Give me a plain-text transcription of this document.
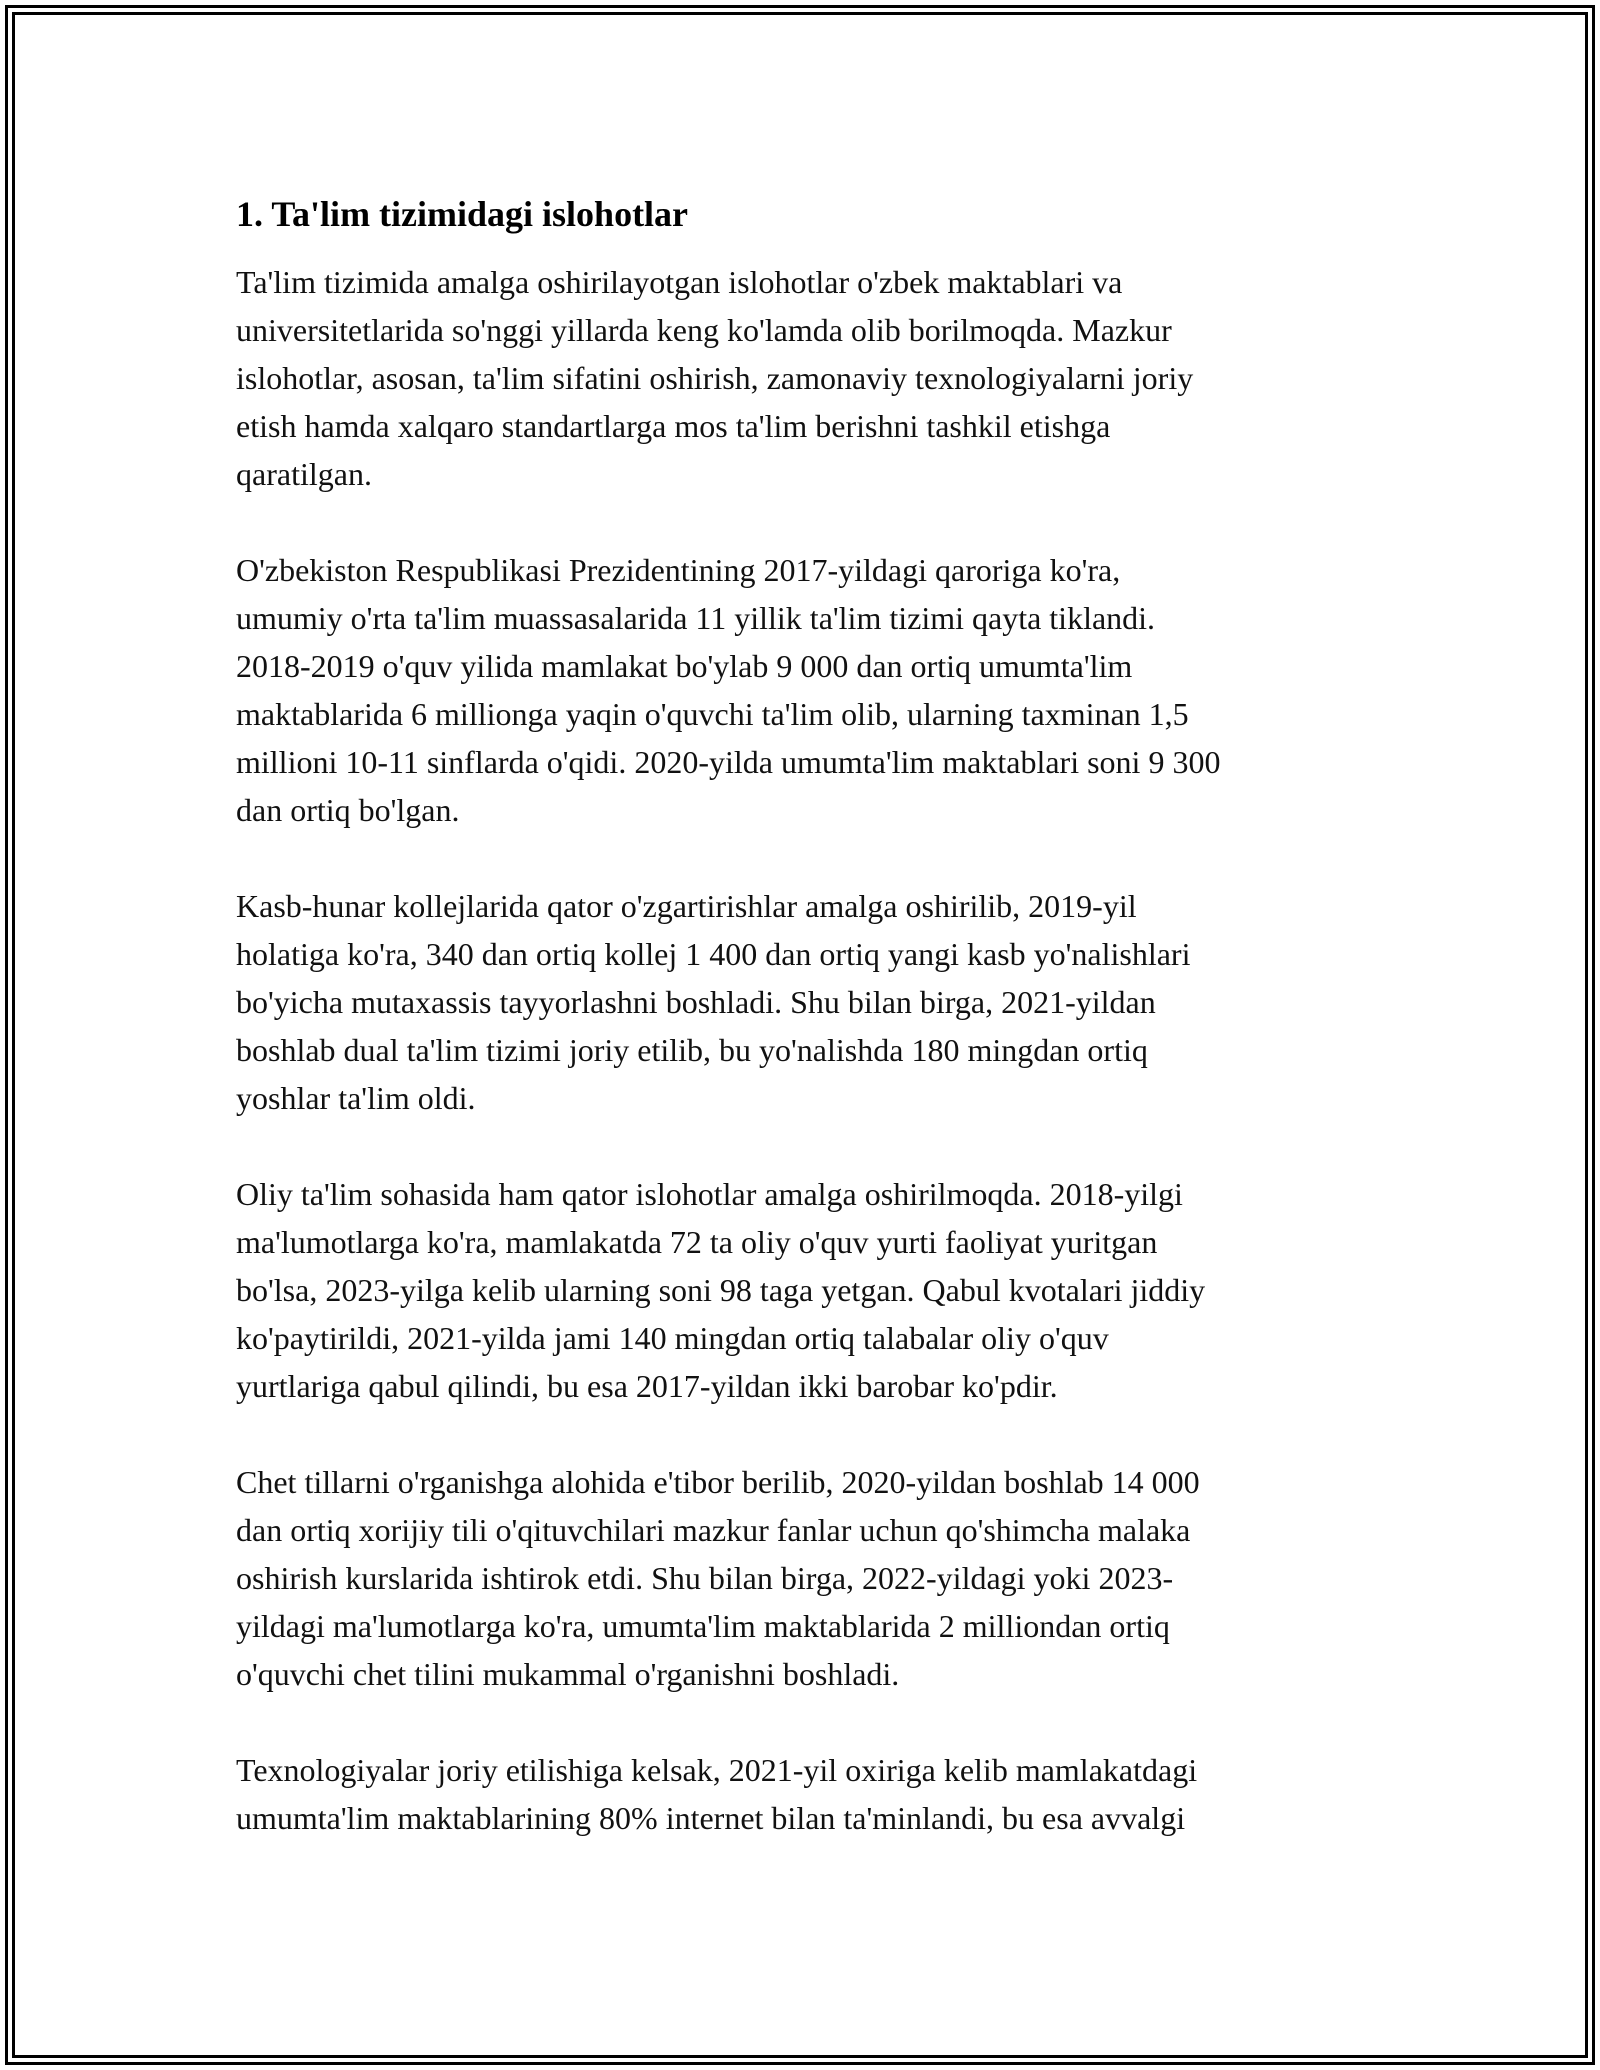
1. Ta'lim tizimidagi islohotlar

Ta'lim tizimida amalga oshirilayotgan islohotlar o'zbek maktablari va
universitetlarida so'nggi yillarda keng ko'lamda olib borilmoqda. Mazkur
islohotlar, asosan, ta'lim sifatini oshirish, zamonaviy texnologiyalarni joriy
etish hamda xalqaro standartlarga mos ta'lim berishni tashkil etishga
qaratilgan.

O'zbekiston Respublikasi Prezidentining 2017-yildagi qaroriga ko'ra,
umumiy o'rta ta'lim muassasalarida 11 yillik ta'lim tizimi qayta tiklandi.
2018-2019 o'quv yilida mamlakat bo'ylab 9 000 dan ortiq umumta'lim
maktablarida 6 millionga yaqin o'quvchi ta'lim olib, ularning taxminan 1,5
millioni 10-11 sinflarda o'qidi. 2020-yilda umumta'lim maktablari soni 9 300
dan ortiq bo'lgan.

Kasb-hunar kollejlarida qator o'zgartirishlar amalga oshirilib, 2019-yil
holatiga ko'ra, 340 dan ortiq kollej 1 400 dan ortiq yangi kasb yo'nalishlari
bo'yicha mutaxassis tayyorlashni boshladi. Shu bilan birga, 2021-yildan
boshlab dual ta'lim tizimi joriy etilib, bu yo'nalishda 180 mingdan ortiq
yoshlar ta'lim oldi.

Oliy ta'lim sohasida ham qator islohotlar amalga oshirilmoqda. 2018-yilgi
ma'lumotlarga ko'ra, mamlakatda 72 ta oliy o'quv yurti faoliyat yuritgan
bo'lsa, 2023-yilga kelib ularning soni 98 taga yetgan. Qabul kvotalari jiddiy
ko'paytirildi, 2021-yilda jami 140 mingdan ortiq talabalar oliy o'quv
yurtlariga qabul qilindi, bu esa 2017-yildan ikki barobar ko'pdir.

Chet tillarni o'rganishga alohida e'tibor berilib, 2020-yildan boshlab 14 000
dan ortiq xorijiy tili o'qituvchilari mazkur fanlar uchun qo'shimcha malaka
oshirish kurslarida ishtirok etdi. Shu bilan birga, 2022-yildagi yoki 2023-
yildagi ma'lumotlarga ko'ra, umumta'lim maktablarida 2 milliondan ortiq
o'quvchi chet tilini mukammal o'rganishni boshladi.

Texnologiyalar joriy etilishiga kelsak, 2021-yil oxiriga kelib mamlakatdagi
umumta'lim maktablarining 80% internet bilan ta'minlandi, bu esa avvalgi
